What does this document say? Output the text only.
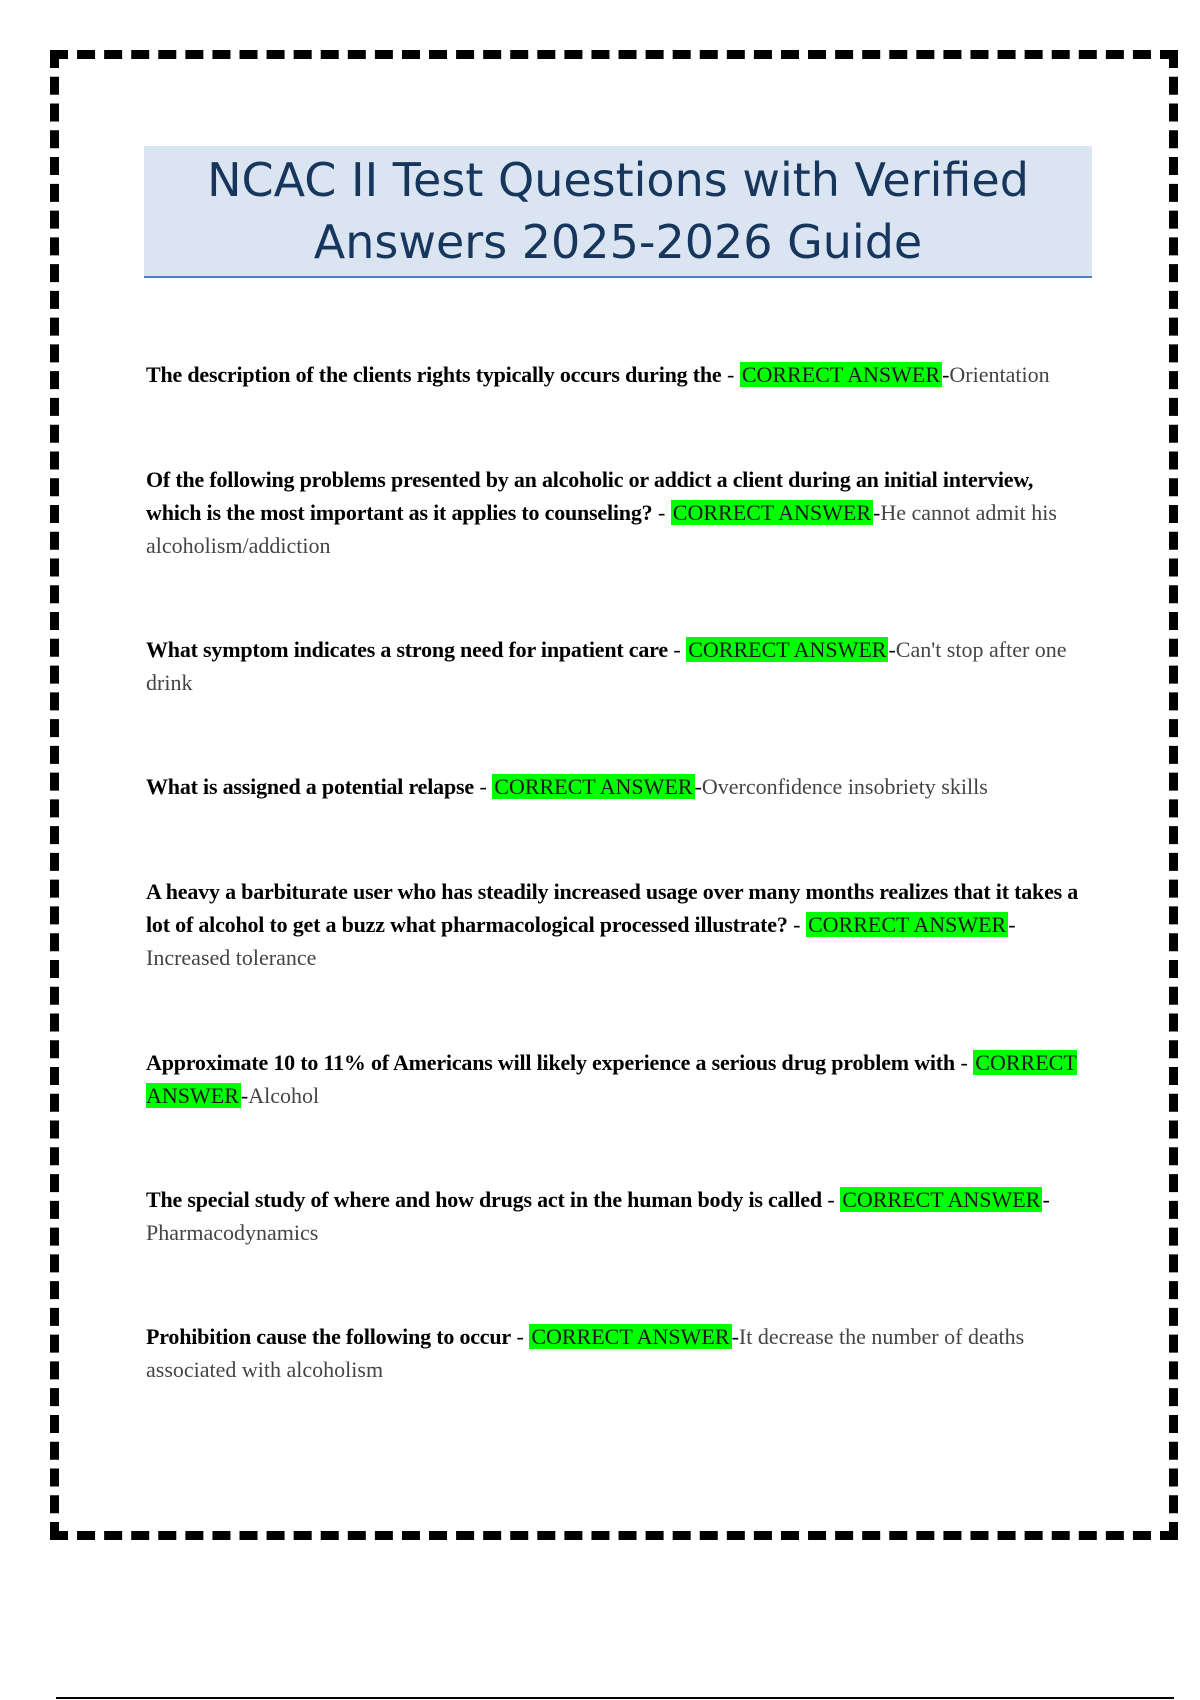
NCAC II Test Questions with Verified Answers 2025-2026 Guide
The description of the clients rights typically occurs during the - CORRECT ANSWER-Orientation
Of the following problems presented by an alcoholic or addict a client during an initial interview, which is the most important as it applies to counseling? - CORRECT ANSWER-He cannot admit his alcoholism/addiction
What symptom indicates a strong need for inpatient care - CORRECT ANSWER-Can't stop after one drink
What is assigned a potential relapse - CORRECT ANSWER-Overconfidence insobriety skills
A heavy a barbiturate user who has steadily increased usage over many months realizes that it takes a lot of alcohol to get a buzz what pharmacological processed illustrate? - CORRECT ANSWER-Increased tolerance
Approximate 10 to 11% of Americans will likely experience a serious drug problem with - CORRECT ANSWER-Alcohol
The special study of where and how drugs act in the human body is called - CORRECT ANSWER-Pharmacodynamics
Prohibition cause the following to occur - CORRECT ANSWER-It decrease the number of deaths associated with alcoholism
